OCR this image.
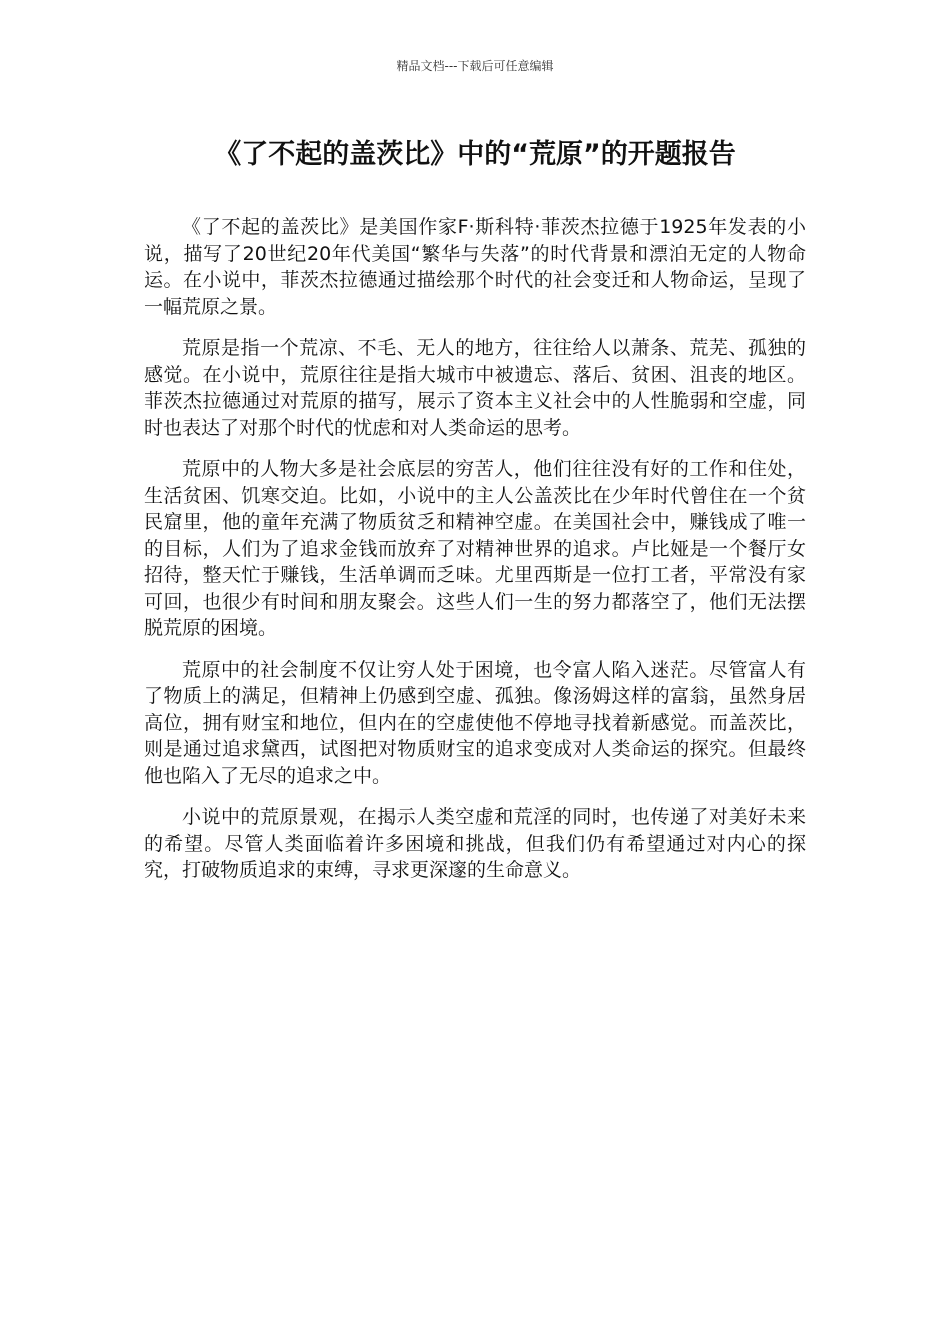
精品文档---下载后可任意编辑
《了不起的盖茨比》中的“荒原”的开题报告

《了不起的盖茨比》是美国作家F·斯科特·菲茨杰拉德于1925年发表的小说，描写了20世纪20年代美国“繁华与失落”的时代背景和漂泊无定的人物命运。在小说中，菲茨杰拉德通过描绘那个时代的社会变迁和人物命运，呈现了一幅荒原之景。

荒原是指一个荒凉、不毛、无人的地方，往往给人以萧条、荒芜、孤独的感觉。在小说中，荒原往往是指大城市中被遗忘、落后、贫困、沮丧的地区。菲茨杰拉德通过对荒原的描写，展示了资本主义社会中的人性脆弱和空虚，同时也表达了对那个时代的忧虑和对人类命运的思考。

荒原中的人物大多是社会底层的穷苦人，他们往往没有好的工作和住处，生活贫困、饥寒交迫。比如，小说中的主人公盖茨比在少年时代曾住在一个贫民窟里，他的童年充满了物质贫乏和精神空虚。在美国社会中，赚钱成了唯一的目标，人们为了追求金钱而放弃了对精神世界的追求。卢比娅是一个餐厅女招待，整天忙于赚钱，生活单调而乏味。尤里西斯是一位打工者，平常没有家可回，也很少有时间和朋友聚会。这些人们一生的努力都落空了，他们无法摆脱荒原的困境。

荒原中的社会制度不仅让穷人处于困境，也令富人陷入迷茫。尽管富人有了物质上的满足，但精神上仍感到空虚、孤独。像汤姆这样的富翁，虽然身居高位，拥有财宝和地位，但内在的空虚使他不停地寻找着新感觉。而盖茨比，则是通过追求黛西，试图把对物质财宝的追求变成对人类命运的探究。但最终他也陷入了无尽的追求之中。

小说中的荒原景观，在揭示人类空虚和荒淫的同时，也传递了对美好未来的希望。尽管人类面临着许多困境和挑战，但我们仍有希望通过对内心的探究，打破物质追求的束缚，寻求更深邃的生命意义。
